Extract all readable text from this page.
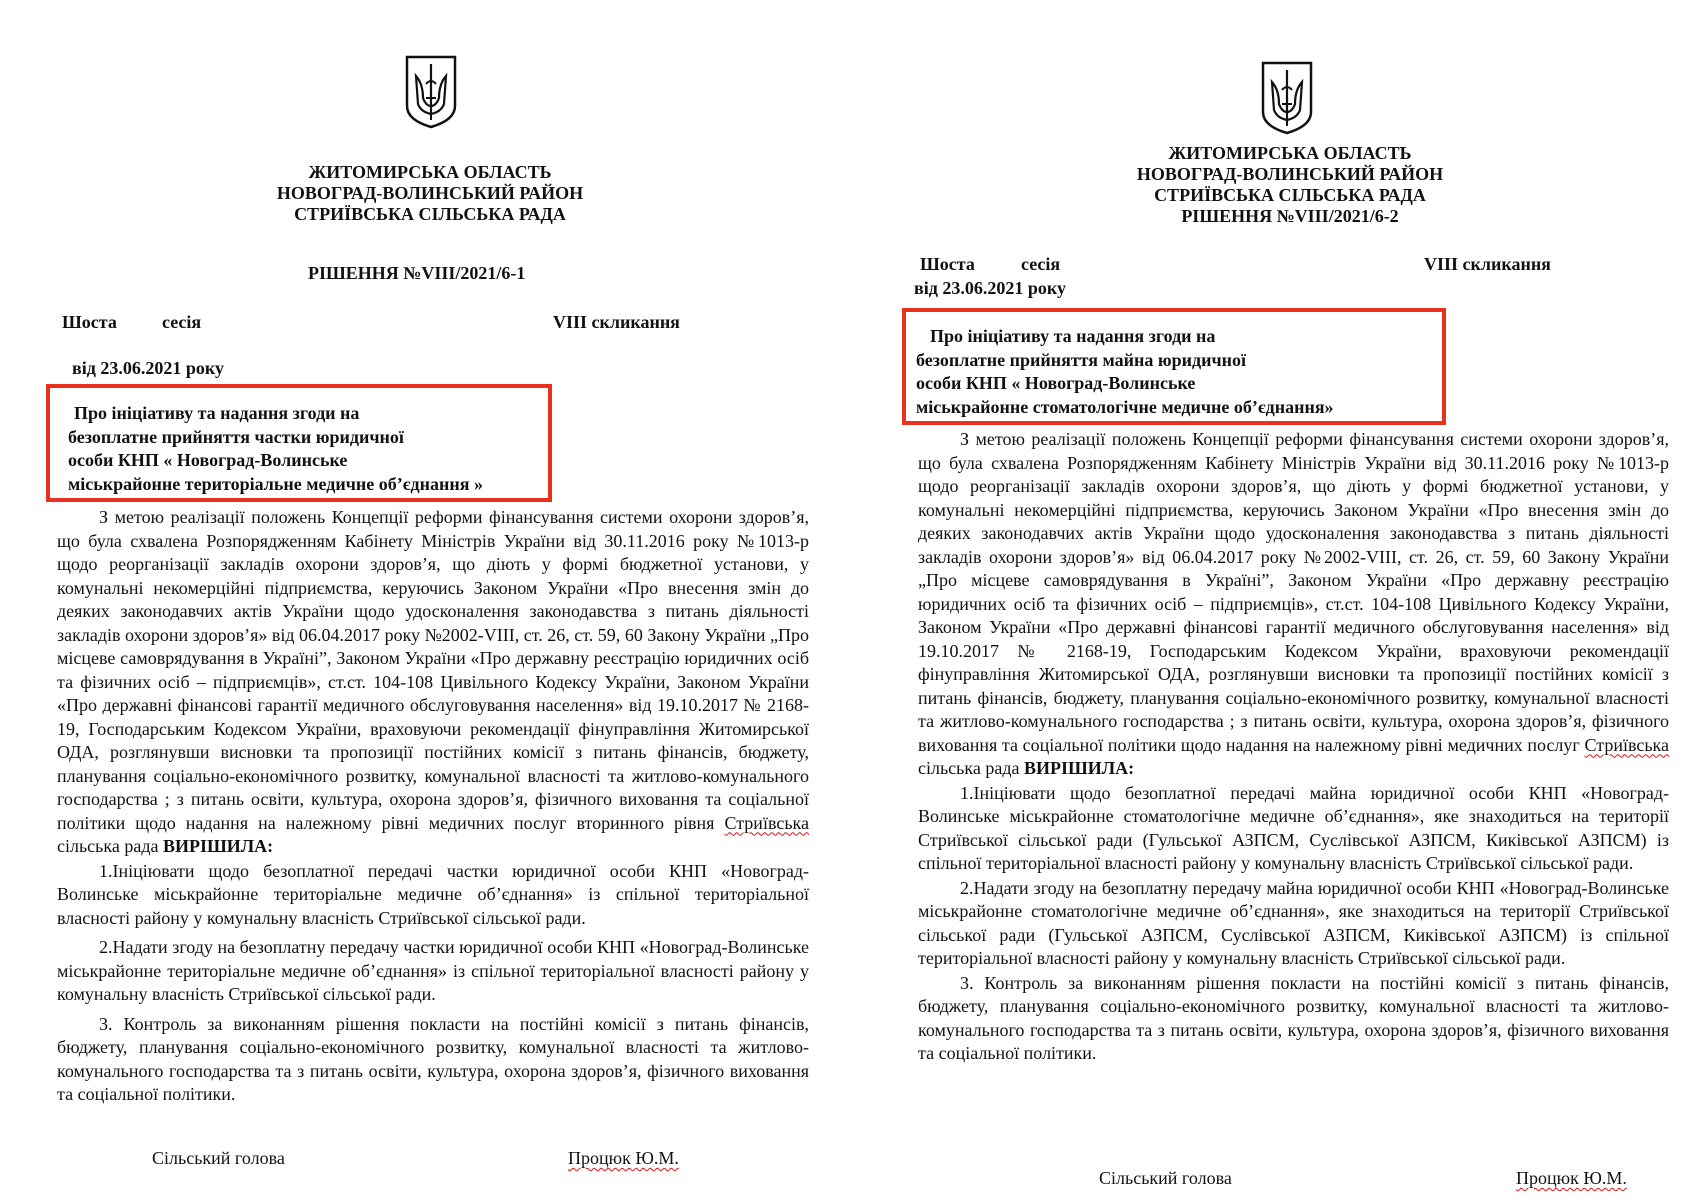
ЖИТОМИРСЬКА ОБЛАСТЬ
НОВОГРАД-ВОЛИНСЬКИЙ РАЙОН
СТРИЇВСЬКА СІЛЬСЬКА РАДА
РІШЕННЯ №VIII/2021/6-1
Шоста	сесія	VIII скликання
від 23.06.2021 року
Про ініціативу та надання згоди на
безоплатне прийняття частки юридичної
особи КНП « Новоград-Волинське
міськрайонне територіальне медичне об’єднання »

З метою реалізації положень Концепції реформи фінансування системи охорони здоров’я, що була схвалена Розпорядженням Кабінету Міністрів України від 30.11.2016 року №1013-р щодо реорганізації закладів охорони здоров’я, що діють у формі бюджетної установи, у комунальні некомерційні підприємства, керуючись Законом України «Про внесення змін до деяких законодавчих актів України щодо удосконалення законодавства з питань діяльності закладів охорони здоров’я» від 06.04.2017 року №2002-VIII, ст. 26, ст. 59, 60 Закону України „Про місцеве самоврядування в Україні”, Законом України «Про державну реєстрацію юридичних осіб та фізичних осіб – підприємців», ст.ст. 104-108 Цивільного Кодексу України, Законом України «Про державні фінансові гарантії медичного обслуговування населення» від 19.10.2017 № 2168-19, Господарським Кодексом України, враховуючи рекомендації фінуправління Житомирської ОДА, розглянувши висновки та пропозиції постійних комісії з питань фінансів, бюджету, планування соціально-економічного розвитку, комунальної власності та житлово-комунального господарства ; з питань освіти, культура, охорона здоров’я, фізичного виховання та соціальної політики щодо надання на належному рівні медичних послуг вторинного рівня Стриївська сільська рада ВИРІШИЛА:

1.Ініціювати щодо безоплатної передачі частки юридичної особи КНП «Новоград-Волинське міськрайонне територіальне медичне об’єднання» із спільної територіальної власності району у комунальну власність Стриївської сільської ради.

2.Надати згоду на безоплатну передачу частки юридичної особи КНП «Новоград-Волинське міськрайонне територіальне медичне об’єднання» із спільної територіальної власності району у комунальну власність Стриївської сільської ради.

3. Контроль за виконанням рішення покласти на постійні комісії з питань фінансів, бюджету, планування соціально-економічного розвитку, комунальної власності та житлово-комунального господарства та з питань освіти, культура, охорона здоров’я, фізичного виховання та соціальної політики.

Сільський голова	Процюк Ю.М.
ЖИТОМИРСЬКА ОБЛАСТЬ
НОВОГРАД-ВОЛИНСЬКИЙ РАЙОН
СТРИЇВСЬКА СІЛЬСЬКА РАДА
РІШЕННЯ №VIII/2021/6-2
Шоста	сесія	VIII скликання
від 23.06.2021 року
Про ініціативу та надання згоди на
безоплатне прийняття майна юридичної
особи КНП « Новоград-Волинське
міськрайонне стоматологічне медичне об’єднання»

З метою реалізації положень Концепції реформи фінансування системи охорони здоров’я, що була схвалена Розпорядженням Кабінету Міністрів України від 30.11.2016 року №1013-р щодо реорганізації закладів охорони здоров’я, що діють у формі бюджетної установи, у комунальні некомерційні підприємства, керуючись Законом України «Про внесення змін до деяких законодавчих актів України щодо удосконалення законодавства з питань діяльності закладів охорони здоров’я» від 06.04.2017 року №2002-VIII, ст. 26, ст. 59, 60 Закону України „Про місцеве самоврядування в Україні”, Законом України «Про державну реєстрацію юридичних осіб та фізичних осіб – підприємців», ст.ст. 104-108 Цивільного Кодексу України, Законом України «Про державні фінансові гарантії медичного обслуговування населення» від 19.10.2017 № 2168-19, Господарським Кодексом України, враховуючи рекомендації фінуправління Житомирської ОДА, розглянувши висновки та пропозиції постійних комісії з питань фінансів, бюджету, планування соціально-економічного розвитку, комунальної власності та житлово-комунального господарства ; з питань освіти, культура, охорона здоров’я, фізичного виховання та соціальної політики щодо надання на належному рівні медичних послуг Стриївська сільська рада ВИРІШИЛА:

1.Ініціювати щодо безоплатної передачі майна юридичної особи КНП «Новоград-Волинське міськрайонне стоматологічне медичне об’єднання», яке знаходиться на території Стриївської сільської ради (Гульської АЗПСМ, Суслівської АЗПСМ, Киківської АЗПСМ) із спільної територіальної власності району у комунальну власність Стриївської сільської ради.

2.Надати згоду на безоплатну передачу майна юридичної особи КНП «Новоград-Волинське міськрайонне стоматологічне медичне об’єднання», яке знаходиться на території Стриївської сільської ради (Гульської АЗПСМ, Суслівської АЗПСМ, Киківської АЗПСМ) із спільної територіальної власності району у комунальну власність Стриївської сільської ради.

3. Контроль за виконанням рішення покласти на постійні комісії з питань фінансів, бюджету, планування соціально-економічного розвитку, комунальної власності та житлово-комунального господарства та з питань освіти, культура, охорона здоров’я, фізичного виховання та соціальної політики.

Сільський голова	Процюк Ю.М.
